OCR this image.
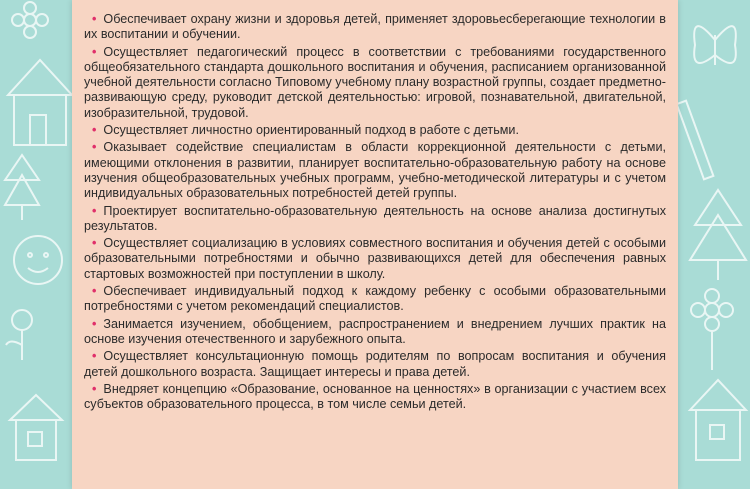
• Обеспечивает охрану жизни и здоровья детей, применяет здоровьесберегающие технологии в их воспитании и обучении.
• Осуществляет педагогический процесс в соответствии с требованиями государственного общеобязательного стандарта дошкольного воспитания и обучения, расписанием организованной учебной деятельности согласно Типовому учебному плану возрастной группы, создает предметно-развивающую среду, руководит детской деятельностью: игровой, познавательной, двигательной, изобразительной, трудовой.
• Осуществляет личностно ориентированный подход в работе с детьми.
• Оказывает содействие специалистам в области коррекционной деятельности с детьми, имеющими отклонения в развитии, планирует воспитательно-образовательную работу на основе изучения общеобразовательных учебных программ, учебно-методической литературы и с учетом индивидуальных образовательных потребностей детей группы.
• Проектирует воспитательно-образовательную деятельность на основе анализа достигнутых результатов.
• Осуществляет социализацию в условиях совместного воспитания и обучения детей с особыми образовательными потребностями и обычно развивающихся детей для обеспечения равных стартовых возможностей при поступлении в школу.
• Обеспечивает индивидуальный подход к каждому ребенку с особыми образовательными потребностями с учетом рекомендаций специалистов.
• Занимается изучением, обобщением, распространением и внедрением лучших практик на основе изучения отечественного и зарубежного опыта.
• Осуществляет консультационную помощь родителям по вопросам воспитания и обучения детей дошкольного возраста. Защищает интересы и права детей.
• Внедряет концепцию «Образование, основанное на ценностях» в организации с участием всех субъектов образовательного процесса, в том числе семьи детей.
